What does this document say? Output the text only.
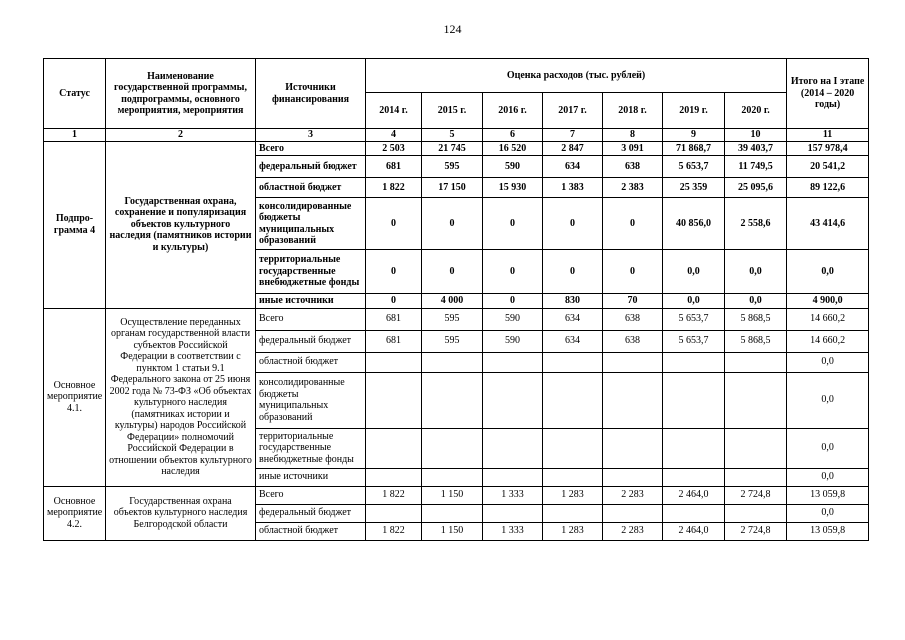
124
Статус	Наименование государственной программы, подпрограммы, основного мероприятия, мероприятия	Источники финансирования	Оценка расходов (тыс. рублей)							Итого на I этапе (2014 – 2020 годы)
			2014 г.	2015 г.	2016 г.	2017 г.	2018 г.	2019 г.	2020 г.	
1	2	3	4	5	6	7	8	9	10	11
Подпро-грамма 4	Государственная охрана, сохранение и популяризация объектов культурного наследия (памятников истории и культуры)	Всего	2 503	21 745	16 520	2 847	3 091	71 868,7	39 403,7	157 978,4
		федеральный бюджет	681	595	590	634	638	5 653,7	11 749,5	20 541,2
		областной бюджет	1 822	17 150	15 930	1 383	2 383	25 359	25 095,6	89 122,6
		консолидированные бюджеты муниципальных образований	0	0	0	0	0	40 856,0	2 558,6	43 414,6
		территориальные государственные внебюджетные фонды	0	0	0	0	0	0,0	0,0	0,0
		иные источники	0	4 000	0	830	70	0,0	0,0	4 900,0
Основное мероприятие 4.1.	Осуществление переданных органам государственной власти субъектов Российской Федерации в соответствии с пунктом 1 статьи 9.1 Федерального закона от 25 июня 2002 года № 73-ФЗ «Об объектах культурного наследия (памятниках истории и культуры) народов Российской Федерации» полномочий Российской Федерации в отношении объектов культурного наследия	Всего	681	595	590	634	638	5 653,7	5 868,5	14 660,2
		федеральный бюджет	681	595	590	634	638	5 653,7	5 868,5	14 660,2
		областной бюджет								0,0
		консолидированные бюджеты муниципальных образований								0,0
		территориальные государственные внебюджетные фонды								0,0
		иные источники								0,0
Основное мероприятие 4.2.	Государственная охрана объектов культурного наследия Белгородской области	Всего	1 822	1 150	1 333	1 283	2 283	2 464,0	2 724,8	13 059,8
		федеральный бюджет								0,0
		областной бюджет	1 822	1 150	1 333	1 283	2 283	2 464,0	2 724,8	13 059,8
